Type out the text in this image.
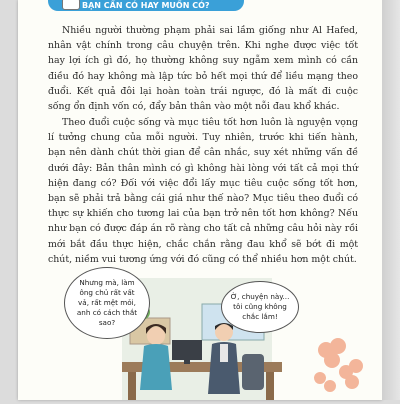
BẠN CẦN CÓ HAY MUỐN CÓ?

Nhiều người thường phạm phải sai lầm giống như Al Hafed, nhân vật chính trong câu chuyện trên. Khi nghe được việc tốt hay lợi ích gì đó, họ thường không suy ngẫm xem mình có cần điều đó hay không mà lập tức bỏ hết mọi thứ để liều mạng theo đuổi. Kết quả đôi lại hoàn toàn trái ngược, đó là mất đi cuộc sống ổn định vốn có, đẩy bản thân vào một nỗi đau khổ khác.

Theo đuổi cuộc sống và mục tiêu tốt hơn luôn là nguyện vọng lí tưởng chung của mỗi người. Tuy nhiên, trước khi tiến hành, bạn nên dành chút thời gian để cân nhắc, suy xét những vấn đề dưới đây: Bản thân mình có gì không hài lòng với tất cả mọi thứ hiện đang có? Đối với việc đổi lấy mục tiêu cuộc sống tốt hơn, bạn sẽ phải trả bằng cái giá như thế nào? Mục tiêu theo đuổi có thực sự khiến cho tương lai của bạn trở nên tốt hơn không? Nếu như bạn có được đáp án rõ ràng cho tất cả những câu hỏi này rồi mới bắt đầu thực hiện, chắc chắn rằng đau khổ sẽ bớt đi một chút, niềm vui tương ứng với đó cũng có thể nhiều hơn một chút.

Nhưng mà, làm ông chủ rất vất vả, rất mệt mỏi, anh có cách thắt sao?
Ờ, chuyện này... tôi cũng không chắc lắm!
